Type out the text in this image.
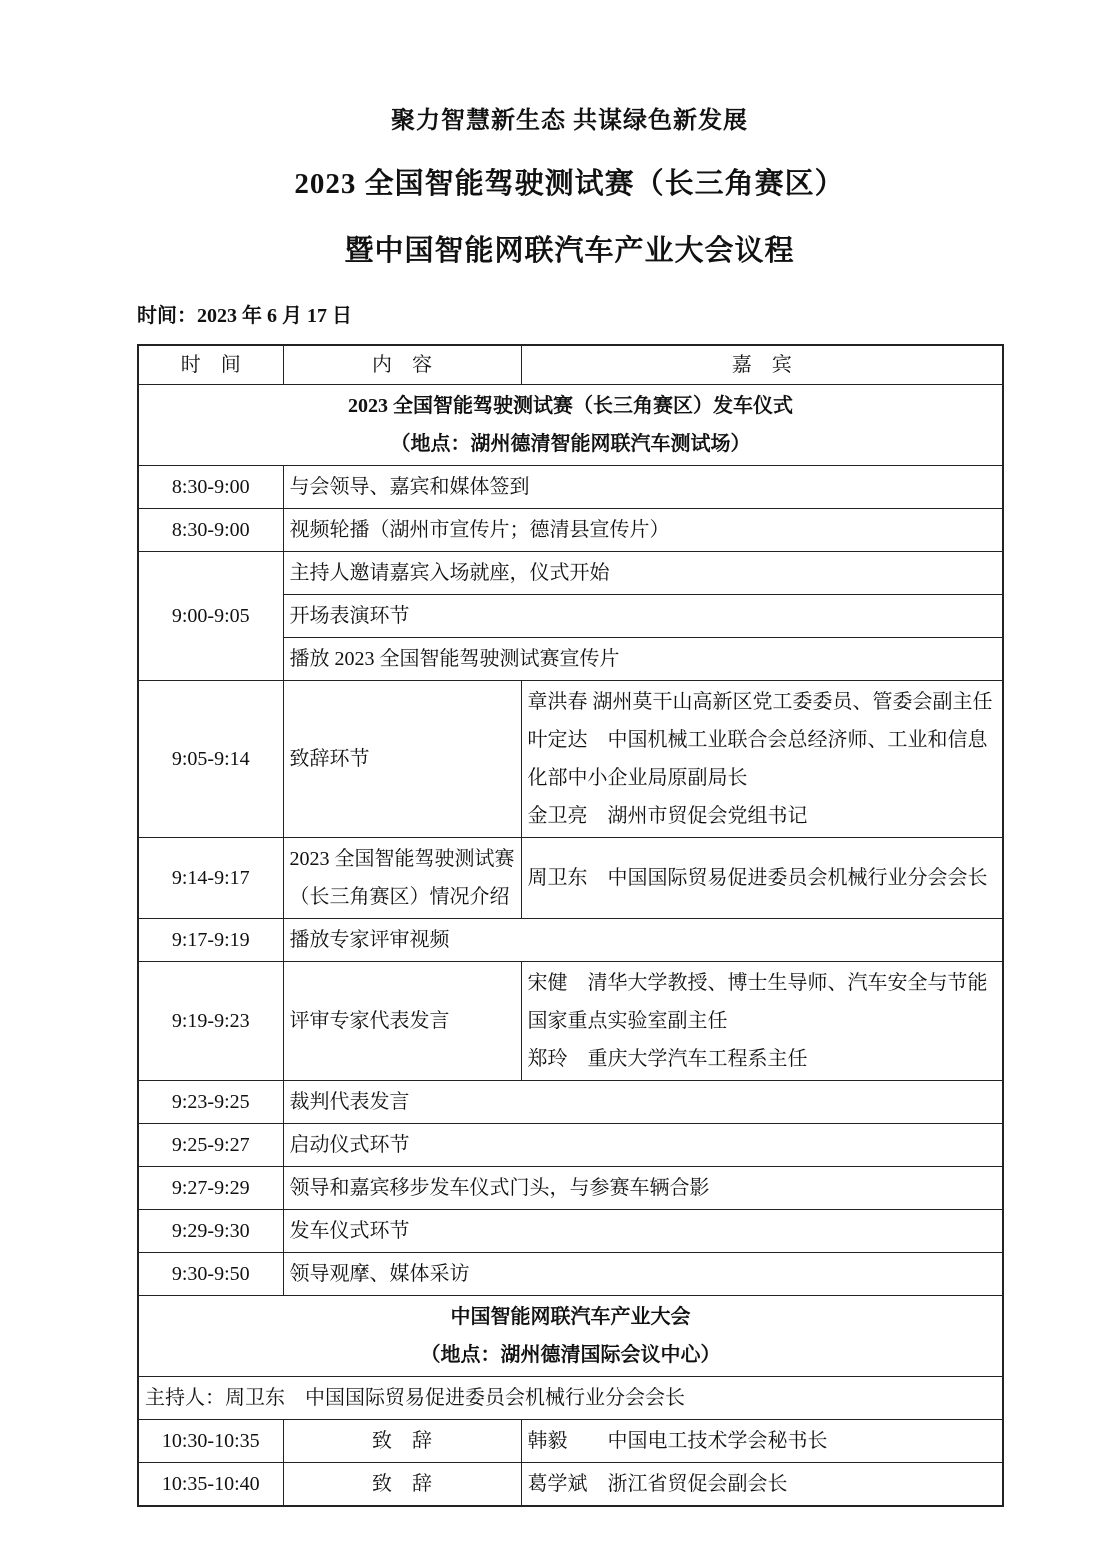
聚力智慧新生态 共谋绿色新发展
2023 全国智能驾驶测试赛（长三角赛区）
暨中国智能网联汽车产业大会议程
时间：2023 年 6 月 17 日
时　间	内　容	嘉　宾

2023 全国智能驾驶测试赛（长三角赛区）发车仪式
（地点：湖州德清智能网联汽车测试场）		

8:30-9:00	与会领导、嘉宾和媒体签到	
8:30-9:00	视频轮播（湖州市宣传片；德清县宣传片）	
9:00-9:05	主持人邀请嘉宾入场就座，仪式开始	
	开场表演环节	
	播放 2023 全国智能驾驶测试赛宣传片	
9:05-9:14	致辞环节	章洪春 湖州莫干山高新区党工委委员、管委会副主任
叶定达　中国机械工业联合会总经济师、工业和信息化部中小企业局原副局长
金卫亮　湖州市贸促会党组书记

9:14-9:17	2023 全国智能驾驶测试赛（长三角赛区）情况介绍	周卫东　中国国际贸易促进委员会机械行业分会会长

9:17-9:19	播放专家评审视频	
9:19-9:23	评审专家代表发言	宋健　清华大学教授、博士生导师、汽车安全与节能国家重点实验室副主任
郑玲　重庆大学汽车工程系主任

9:23-9:25	裁判代表发言	
9:25-9:27	启动仪式环节	
9:27-9:29	领导和嘉宾移步发车仪式门头，与参赛车辆合影	
9:29-9:30	发车仪式环节	
9:30-9:50	领导观摩、媒体采访	

中国智能网联汽车产业大会
（地点：湖州德清国际会议中心）		

主持人：周卫东　中国国际贸易促进委员会机械行业分会会长		
10:30-10:35	致　辞	韩毅　　中国电工技术学会秘书长

10:35-10:40	致　辞	葛学斌　浙江省贸促会副会长
